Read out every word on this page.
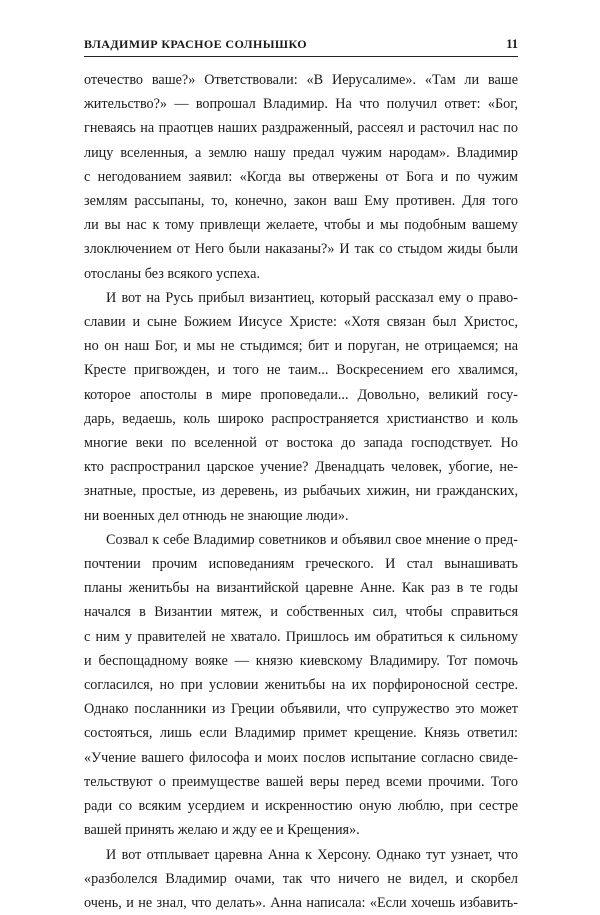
ВЛАДИМИР КРАСНОЕ СОЛНЫШКО	11
отечество ваше?» Ответствовали: «В Иерусалиме». «Там ли ваше
жительство?» — вопрошал Владимир. На что получил ответ: «Бог,
гневаясь на праотцев наших раздраженный, рассеял и расточил нас по
лицу вселенныя, а землю нашу предал чужим народам». Владимир
с негодованием заявил: «Когда вы отвержены от Бога и по чужим
землям рассыпаны, то, конечно, закон ваш Ему противен. Для того
ли вы нас к тому привлещи желаете, чтобы и мы подобным вашему
злоключением от Него были наказаны?» И так со стыдом жиды были
отосланы без всякого успеха.
И вот на Русь прибыл византиец, который рассказал ему о право-
славии и сыне Божием Иисусе Христе: «Хотя связан был Христос,
но он наш Бог, и мы не стыдимся; бит и поруган, не отрицаемся; на
Кресте пригвожден, и того не таим... Воскресением его хвалимся,
которое апостолы в мире проповедали... Довольно, великий госу-
дарь, ведаешь, коль широко распространяется христианство и коль
многие веки по вселенной от востока до запада господствует. Но
кто распространил царское учение? Двенадцать человек, убогие, не-
знатные, простые, из деревень, из рыбачьих хижин, ни гражданских,
ни военных дел отнюдь не знающие люди».
Созвал к себе Владимир советников и объявил свое мнение о пред-
почтении прочим исповеданиям греческого. И стал вынашивать
планы женитьбы на византийской царевне Анне. Как раз в те годы
начался в Византии мятеж, и собственных сил, чтобы справиться
с ним у правителей не хватало. Пришлось им обратиться к сильному
и беспощадному вояке — князю киевскому Владимиру. Тот помочь
согласился, но при условии женитьбы на их порфироносной сестре.
Однако посланники из Греции объявили, что супружество это может
состояться, лишь если Владимир примет крещение. Князь ответил:
«Учение вашего философа и моих послов испытание согласно свиде-
тельствуют о преимуществе вашей веры перед всеми прочими. Того
ради со всяким усердием и искренностию оную люблю, при сестре
вашей принять желаю и жду ее и Крещения».
И вот отплывает царевна Анна к Херсону. Однако тут узнает, что
«разболелся Владимир очами, так что ничего не видел, и скорбел
очень, и не знал, что делать». Анна написала: «Если хочешь избавить-
